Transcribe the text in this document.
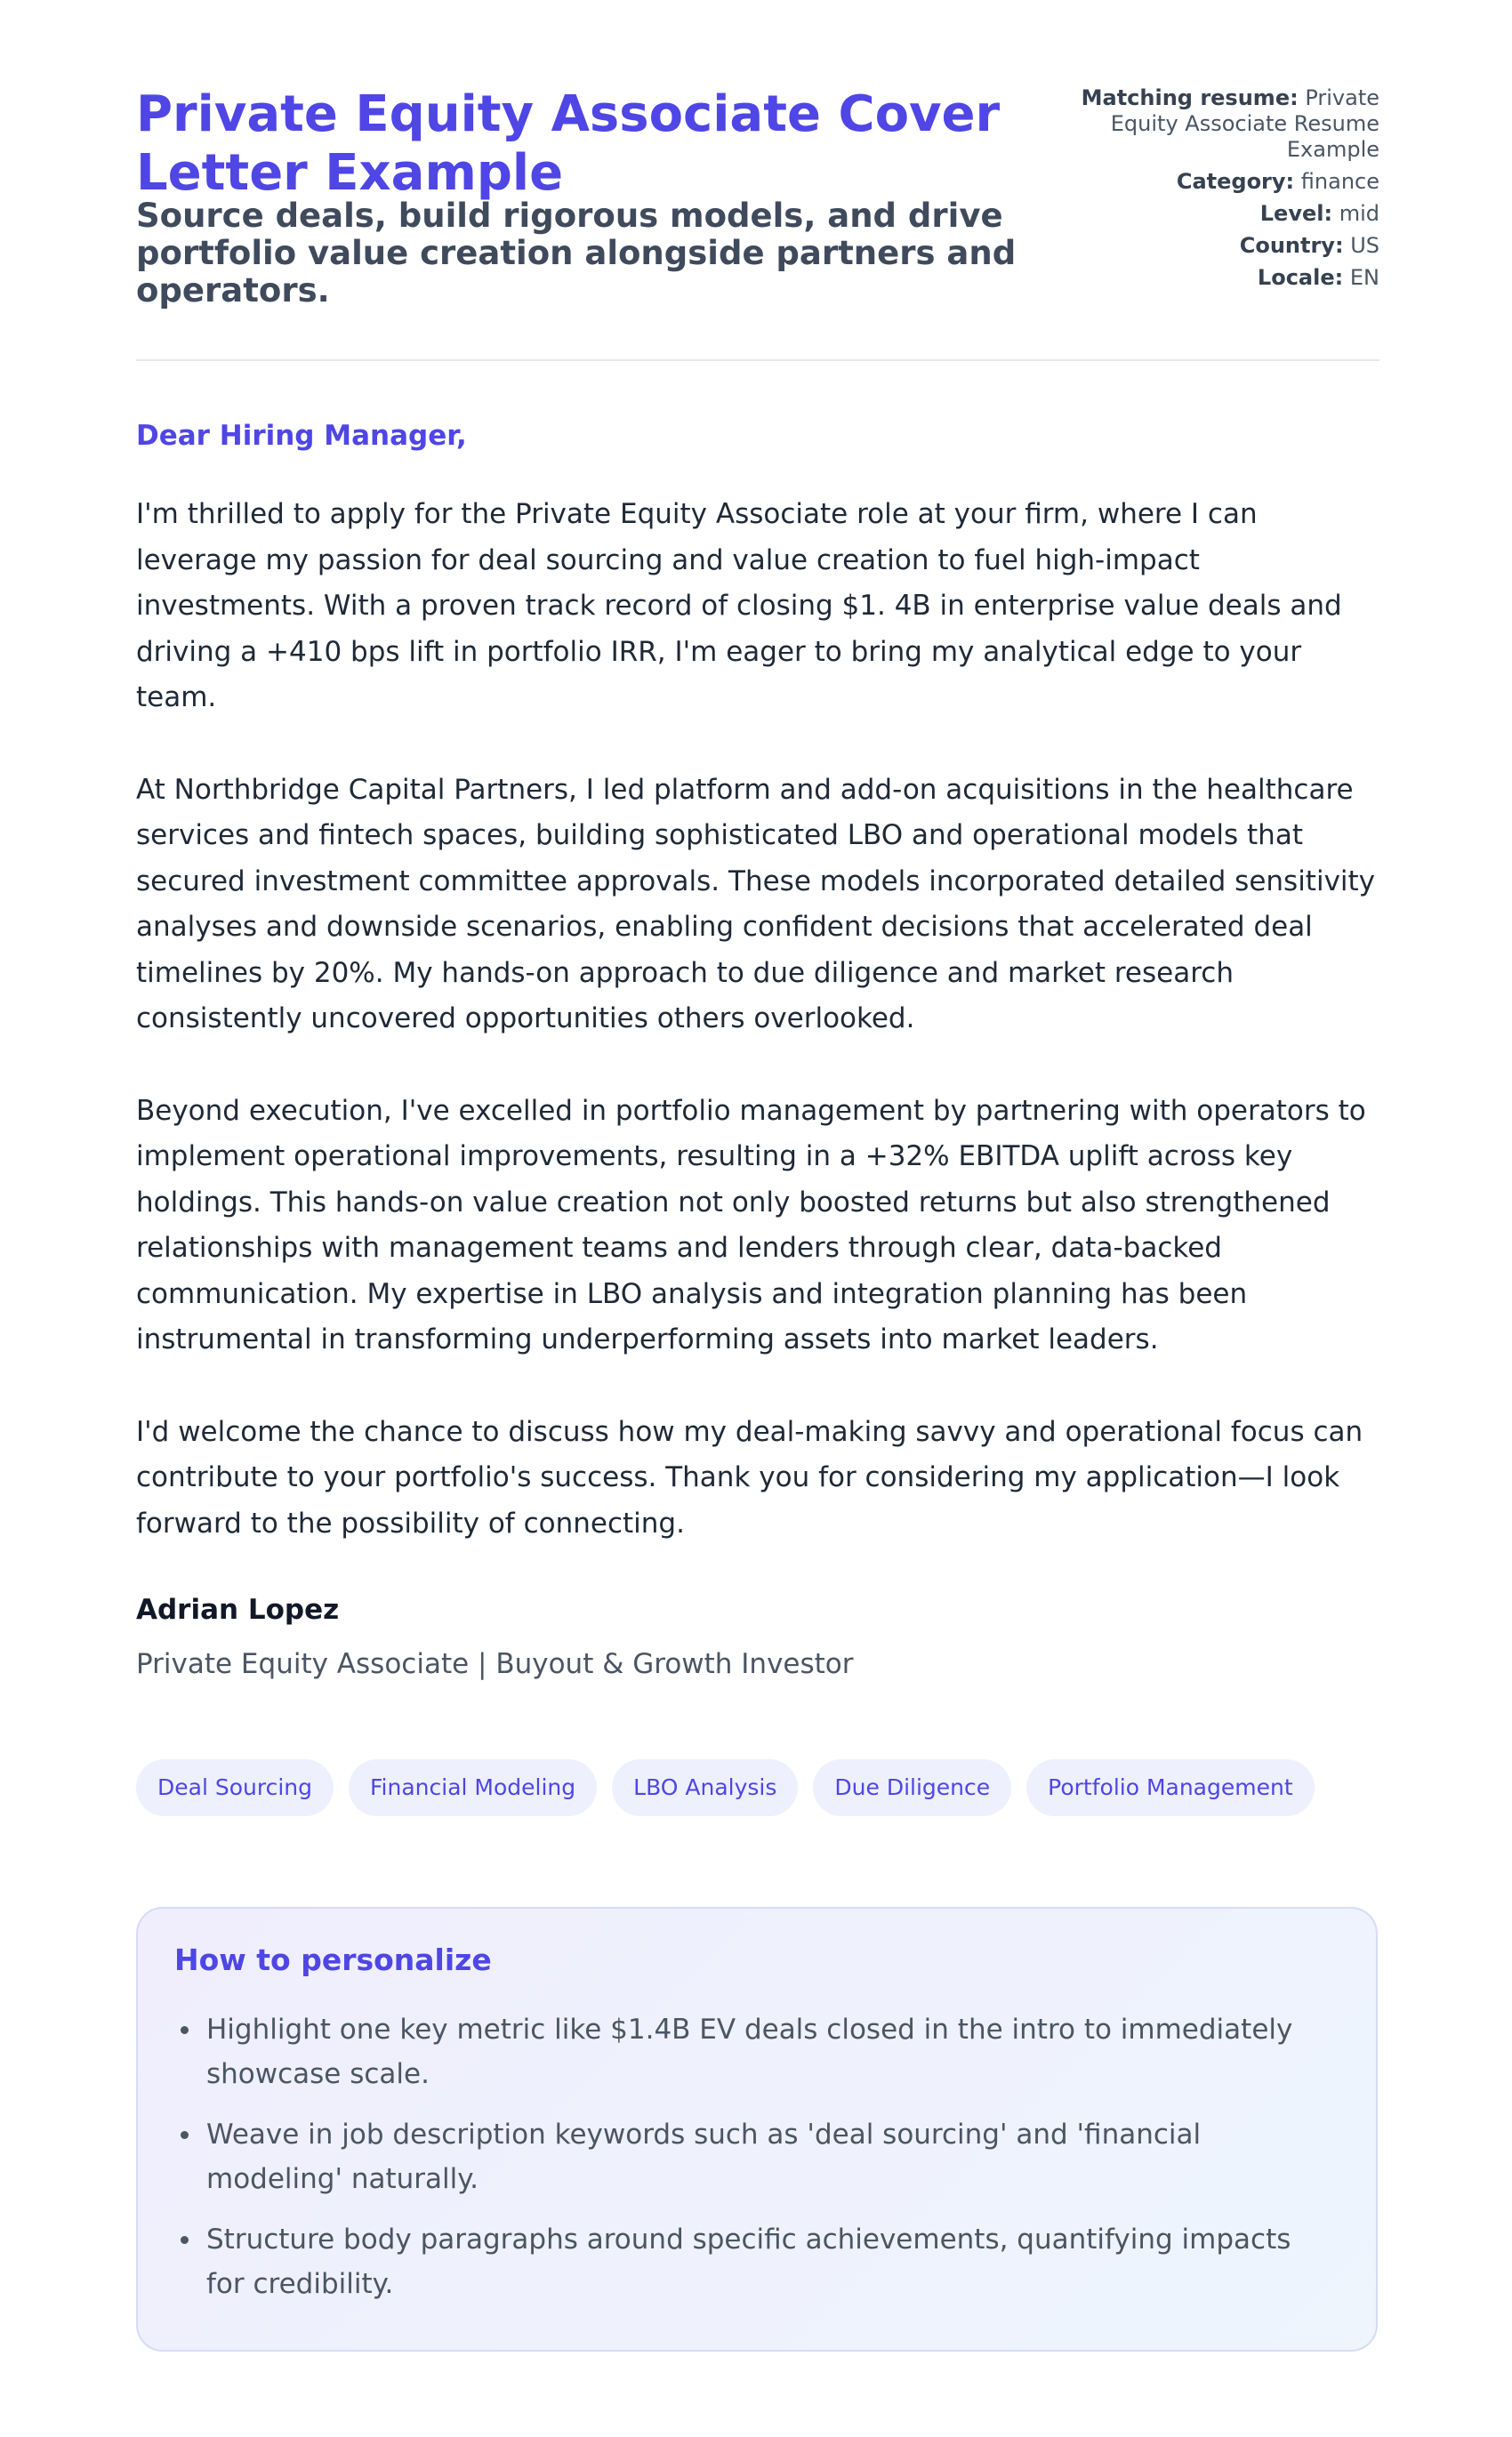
Private Equity Associate Cover Letter Example
Source deals, build rigorous models, and drive portfolio value creation alongside partners and operators.
Matching resume: Private Equity Associate Resume Example
Category: finance
Level: mid
Country: US
Locale: EN

Dear Hiring Manager,

I'm thrilled to apply for the Private Equity Associate role at your firm, where I can leverage my passion for deal sourcing and value creation to fuel high-impact investments. With a proven track record of closing $1. 4B in enterprise value deals and driving a +410 bps lift in portfolio IRR, I'm eager to bring my analytical edge to your team.

At Northbridge Capital Partners, I led platform and add-on acquisitions in the healthcare services and fintech spaces, building sophisticated LBO and operational models that secured investment committee approvals. These models incorporated detailed sensitivity analyses and downside scenarios, enabling confident decisions that accelerated deal timelines by 20%. My hands-on approach to due diligence and market research consistently uncovered opportunities others overlooked.

Beyond execution, I've excelled in portfolio management by partnering with operators to implement operational improvements, resulting in a +32% EBITDA uplift across key holdings. This hands-on value creation not only boosted returns but also strengthened relationships with management teams and lenders through clear, data-backed communication. My expertise in LBO analysis and integration planning has been instrumental in transforming underperforming assets into market leaders.

I'd welcome the chance to discuss how my deal-making savvy and operational focus can contribute to your portfolio's success. Thank you for considering my application—I look forward to the possibility of connecting.

Adrian Lopez

Private Equity Associate | Buyout & Growth Investor

Deal Sourcing	Financial Modeling	LBO Analysis	Due Diligence	Portfolio Management
How to personalize
Highlight one key metric like $1.4B EV deals closed in the intro to immediately showcase scale.
Weave in job description keywords such as 'deal sourcing' and 'financial modeling' naturally.
Structure body paragraphs around specific achievements, quantifying impacts for credibility.
